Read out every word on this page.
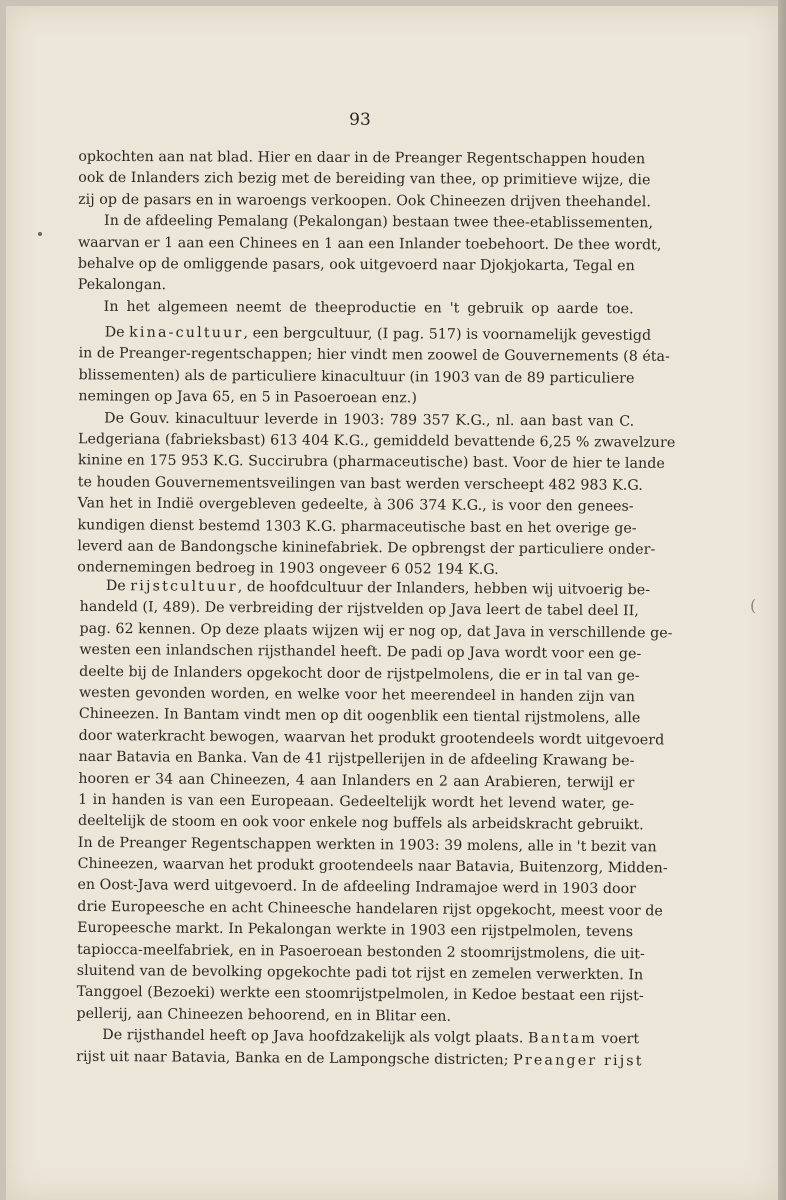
93
(
opkochten aan nat blad. Hier en daar in de Preanger Regentschappen houden
ook de Inlanders zich bezig met de bereiding van thee, op primitieve wijze, die
zij op de pasars en in waroengs verkoopen. Ook Chineezen drijven theehandel.
In de afdeeling Pemalang (Pekalongan) bestaan twee thee-etablissementen,
waarvan er 1 aan een Chinees en 1 aan een Inlander toebehoort. De thee wordt,
behalve op de omliggende pasars, ook uitgevoerd naar Djokjokarta, Tegal en
Pekalongan.
In het algemeen neemt de theeproductie en 't gebruik op aarde toe.
De kina-cultuur, een bergcultuur, (I pag. 517) is voornamelijk gevestigd
in de Preanger-regentschappen; hier vindt men zoowel de Gouvernements (8 éta-
blissementen) als de particuliere kinacultuur (in 1903 van de 89 particuliere
nemingen op Java 65, en 5 in Pasoeroean enz.)
De Gouv. kinacultuur leverde in 1903: 789 357 K.G., nl. aan bast van C.
Ledgeriana (fabrieksbast) 613 404 K.G., gemiddeld bevattende 6,25 % zwavelzure
kinine en 175 953 K.G. Succirubra (pharmaceutische) bast. Voor de hier te lande
te houden Gouvernementsveilingen van bast werden verscheept 482 983 K.G.
Van het in Indië overgebleven gedeelte, à 306 374 K.G., is voor den genees-
kundigen dienst bestemd 1303 K.G. pharmaceutische bast en het overige ge-
leverd aan de Bandongsche kininefabriek. De opbrengst der particuliere onder-
ondernemingen bedroeg in 1903 ongeveer 6 052 194 K.G.
De rijstcultuur, de hoofdcultuur der Inlanders, hebben wij uitvoerig be-
handeld (I, 489). De verbreiding der rijstvelden op Java leert de tabel deel II,
pag. 62 kennen. Op deze plaats wijzen wij er nog op, dat Java in verschillende ge-
westen een inlandschen rijsthandel heeft. De padi op Java wordt voor een ge-
deelte bij de Inlanders opgekocht door de rijstpelmolens, die er in tal van ge-
westen gevonden worden, en welke voor het meerendeel in handen zijn van
Chineezen. In Bantam vindt men op dit oogenblik een tiental rijstmolens, alle
door waterkracht bewogen, waarvan het produkt grootendeels wordt uitgevoerd
naar Batavia en Banka. Van de 41 rijstpellerijen in de afdeeling Krawang be-
hooren er 34 aan Chineezen, 4 aan Inlanders en 2 aan Arabieren, terwijl er
1 in handen is van een Europeaan. Gedeeltelijk wordt het levend water, ge-
deeltelijk de stoom en ook voor enkele nog buffels als arbeidskracht gebruikt.
In de Preanger Regentschappen werkten in 1903: 39 molens, alle in 't bezit van
Chineezen, waarvan het produkt grootendeels naar Batavia, Buitenzorg, Midden-
en Oost-Java werd uitgevoerd. In de afdeeling Indramajoe werd in 1903 door
drie Europeesche en acht Chineesche handelaren rijst opgekocht, meest voor de
Europeesche markt. In Pekalongan werkte in 1903 een rijstpelmolen, tevens
tapiocca-meelfabriek, en in Pasoeroean bestonden 2 stoomrijstmolens, die uit-
sluitend van de bevolking opgekochte padi tot rijst en zemelen verwerkten. In
Tanggoel (Bezoeki) werkte een stoomrijstpelmolen, in Kedoe bestaat een rijst-
pellerij, aan Chineezen behoorend, en in Blitar een.
De rijsthandel heeft op Java hoofdzakelijk als volgt plaats. Bantam voert
rijst uit naar Batavia, Banka en de Lampongsche districten; Preanger rijst
